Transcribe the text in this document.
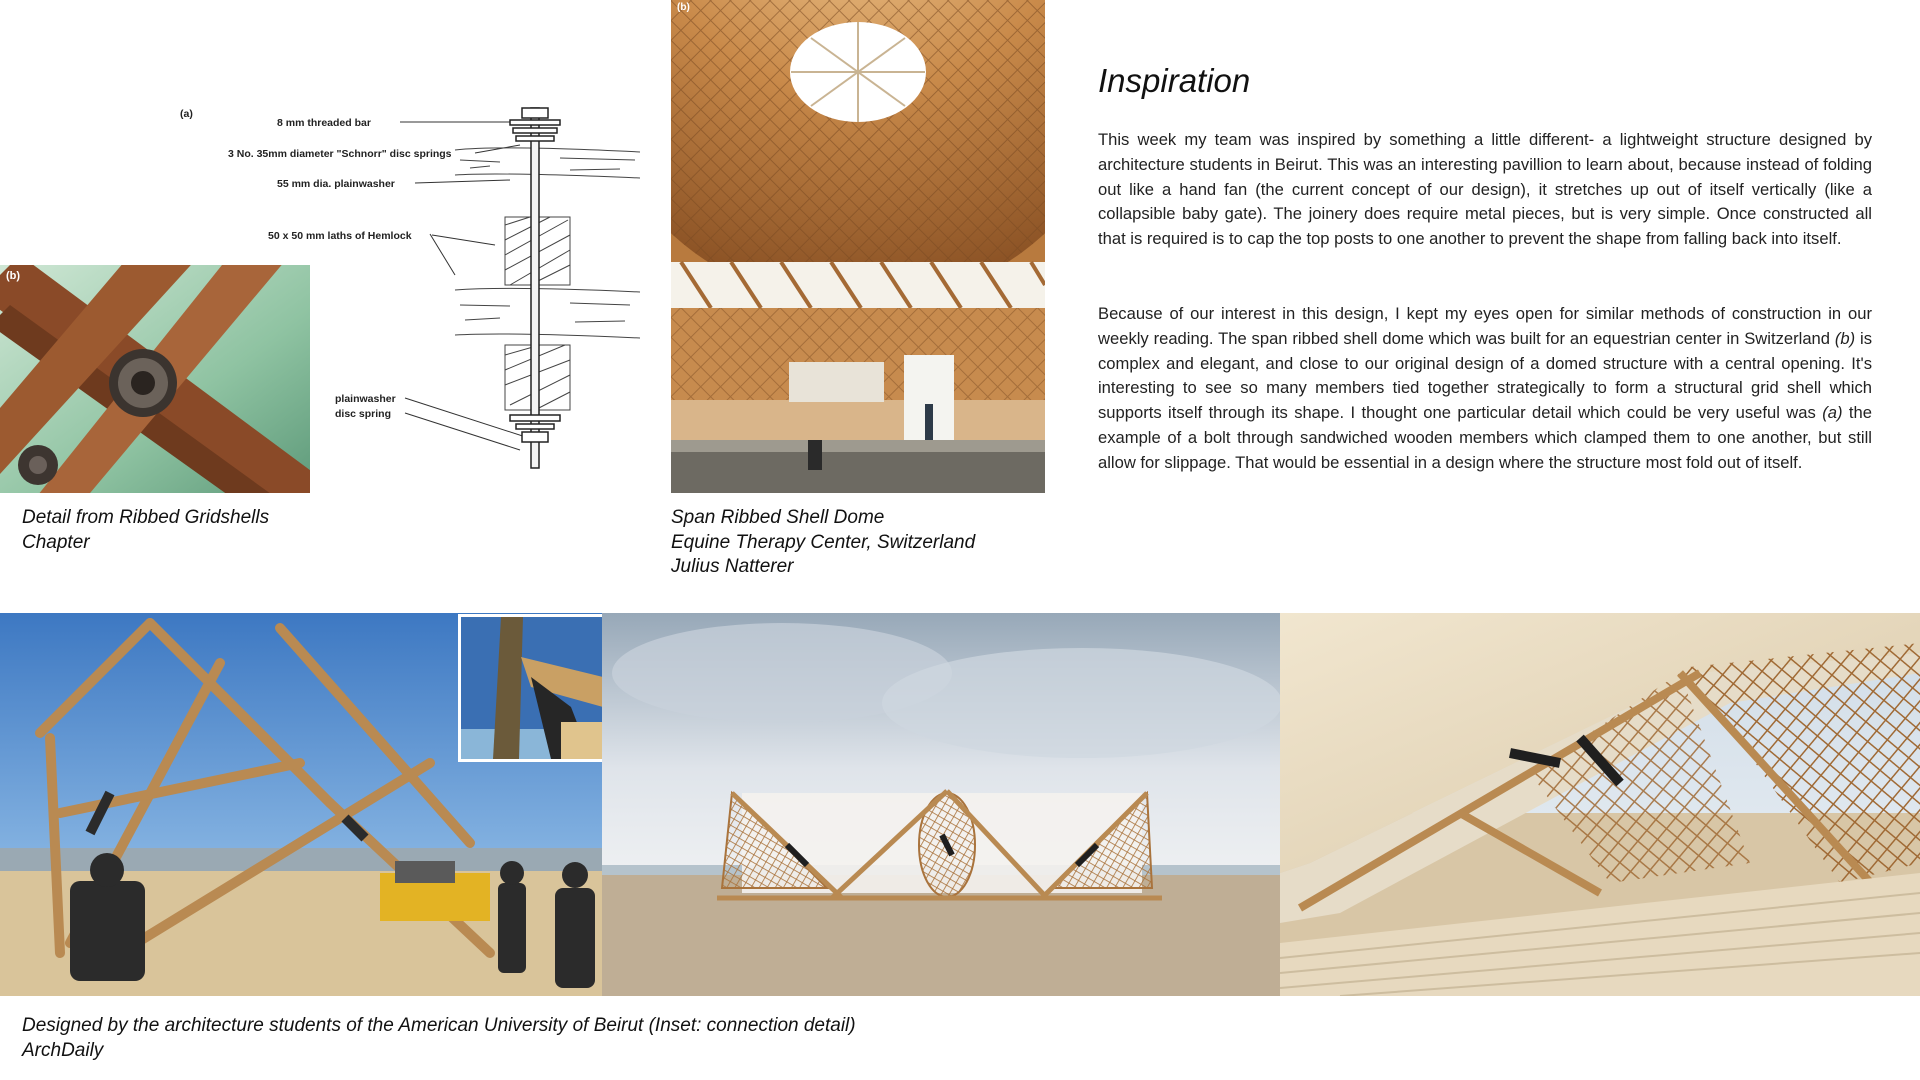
(a)
8 mm threaded bar
3 No. 35mm diameter "Schnorr" disc springs
55 mm dia. plainwasher
50 x 50 mm laths of Hemlock
plainwasher
disc spring
(b)
Detail from Ribbed Gridshells
Chapter
(b)
Span Ribbed Shell Dome
Equine Therapy Center, Switzerland
Julius Natterer
Inspiration

This week my team was inspired by something a little different- a lightweight structure designed by architecture students in Beirut. This was an interesting pavillion to learn about, because instead of folding out like a hand fan (the current concept of our design), it stretches up out of itself vertically (like a collapsible baby gate). The joinery does require metal pieces, but is very simple. Once constructed all that is required is to cap the top posts to one another to prevent the shape from falling back into itself.

Because of our interest in this design, I kept my eyes open for similar methods of construction in our weekly reading. The span ribbed shell dome which was built for an equestrian center in Switzerland (b) is complex and elegant, and close to our original design of a domed structure with a central opening. It's interesting to see so many members tied together strategically to form a structural grid shell which supports itself through its shape. I thought one particular detail which could be very useful was (a) the example of a bolt through sandwiched wooden members which clamped them to one another, but still allow for slippage. That would be essential in a design where the structure most fold out of itself.

Designed by the architecture students of the American University of Beirut (Inset: connection detail)
ArchDaily
